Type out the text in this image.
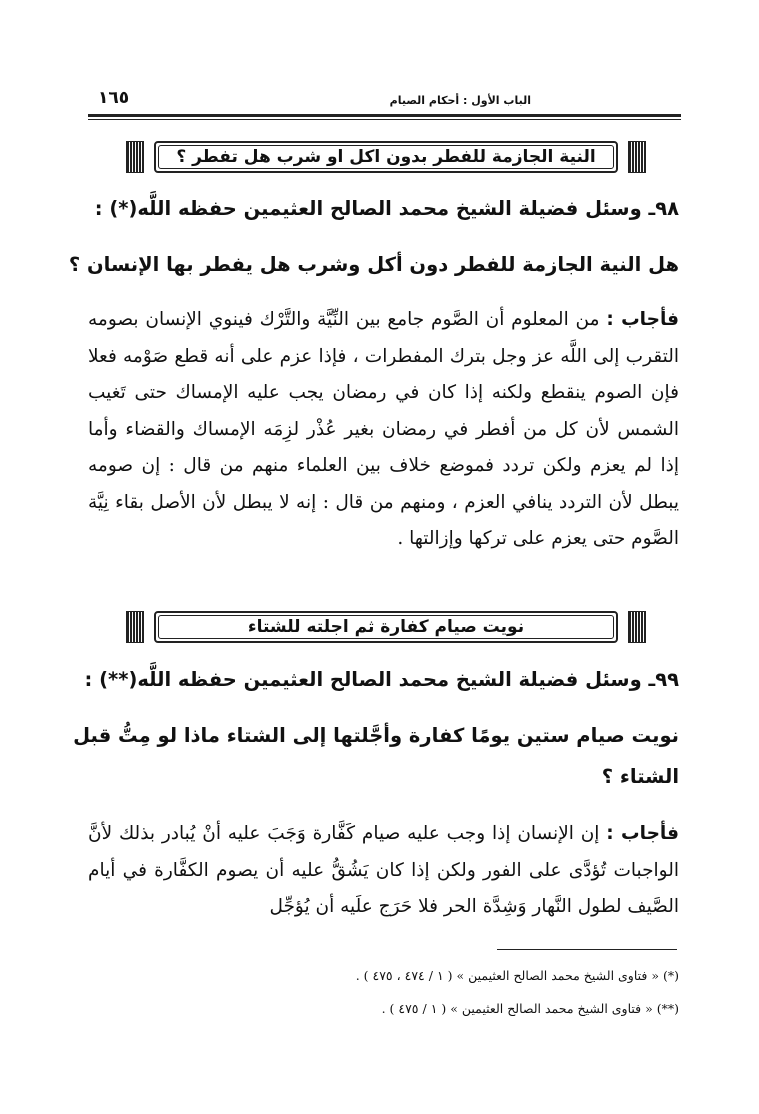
١٦٥	الباب الأول : أحكام الصيام
النية الجازمة للفطر بدون اكل او شرب هل تفطر ؟
٩٨ـ وسئل فضيلة الشيخ محمد الصالح العثيمين حفظه اللَّه(*) :
هل النية الجازمة للفطر دون أكل وشرب هل يفطر بها الإنسان ؟
فأجاب : من المعلوم أن الصَّوم جامع بين النِّيَّة والتَّرْك فينوي الإنسان بصومه التقرب إلى اللَّه عز وجل بترك المفطرات ، فإذا عزم على أنه قطع صَوْمه فعلا فإن الصوم ينقطع ولكنه إذا كان في رمضان يجب عليه الإمساك حتى تَغيب الشمس لأن كل من أفطر في رمضان بغير عُذْر لزِمَه الإمساك والقضاء وأما إذا لم يعزم ولكن تردد فموضع خلاف بين العلماء منهم من قال : إن صومه يبطل لأن التردد ينافي العزم ، ومنهم من قال : إنه لا يبطل لأن الأصل بقاء نِيَّة الصَّوم حتى يعزم على تركها وإزالتها .
نويت صيام كفارة ثم اجلته للشتاء
٩٩ـ وسئل فضيلة الشيخ محمد الصالح العثيمين حفظه اللَّه(**) :
نويت صيام ستين يومًا كفارة وأجَّلتها إلى الشتاء ماذا لو مِتُّ قبل
الشتاء ؟
فأجاب : إن الإنسان إذا وجب عليه صيام كَفَّارة وَجَبَ عليه أنْ يُبادر بذلك لأنَّ الواجبات تُؤدَّى على الفور ولكن إذا كان يَشُقُّ عليه أن يصوم الكفَّارة في أيام الصَّيف لطول النَّهار وَشِدَّة الحر فلا حَرَج علَيه أن يُؤجِّل
(*) « فتاوى الشيخ محمد الصالح العثيمين » ( ١ / ٤٧٤ ، ٤٧٥ ) .
(**) « فتاوى الشيخ محمد الصالح العثيمين » ( ١ / ٤٧٥ ) .
